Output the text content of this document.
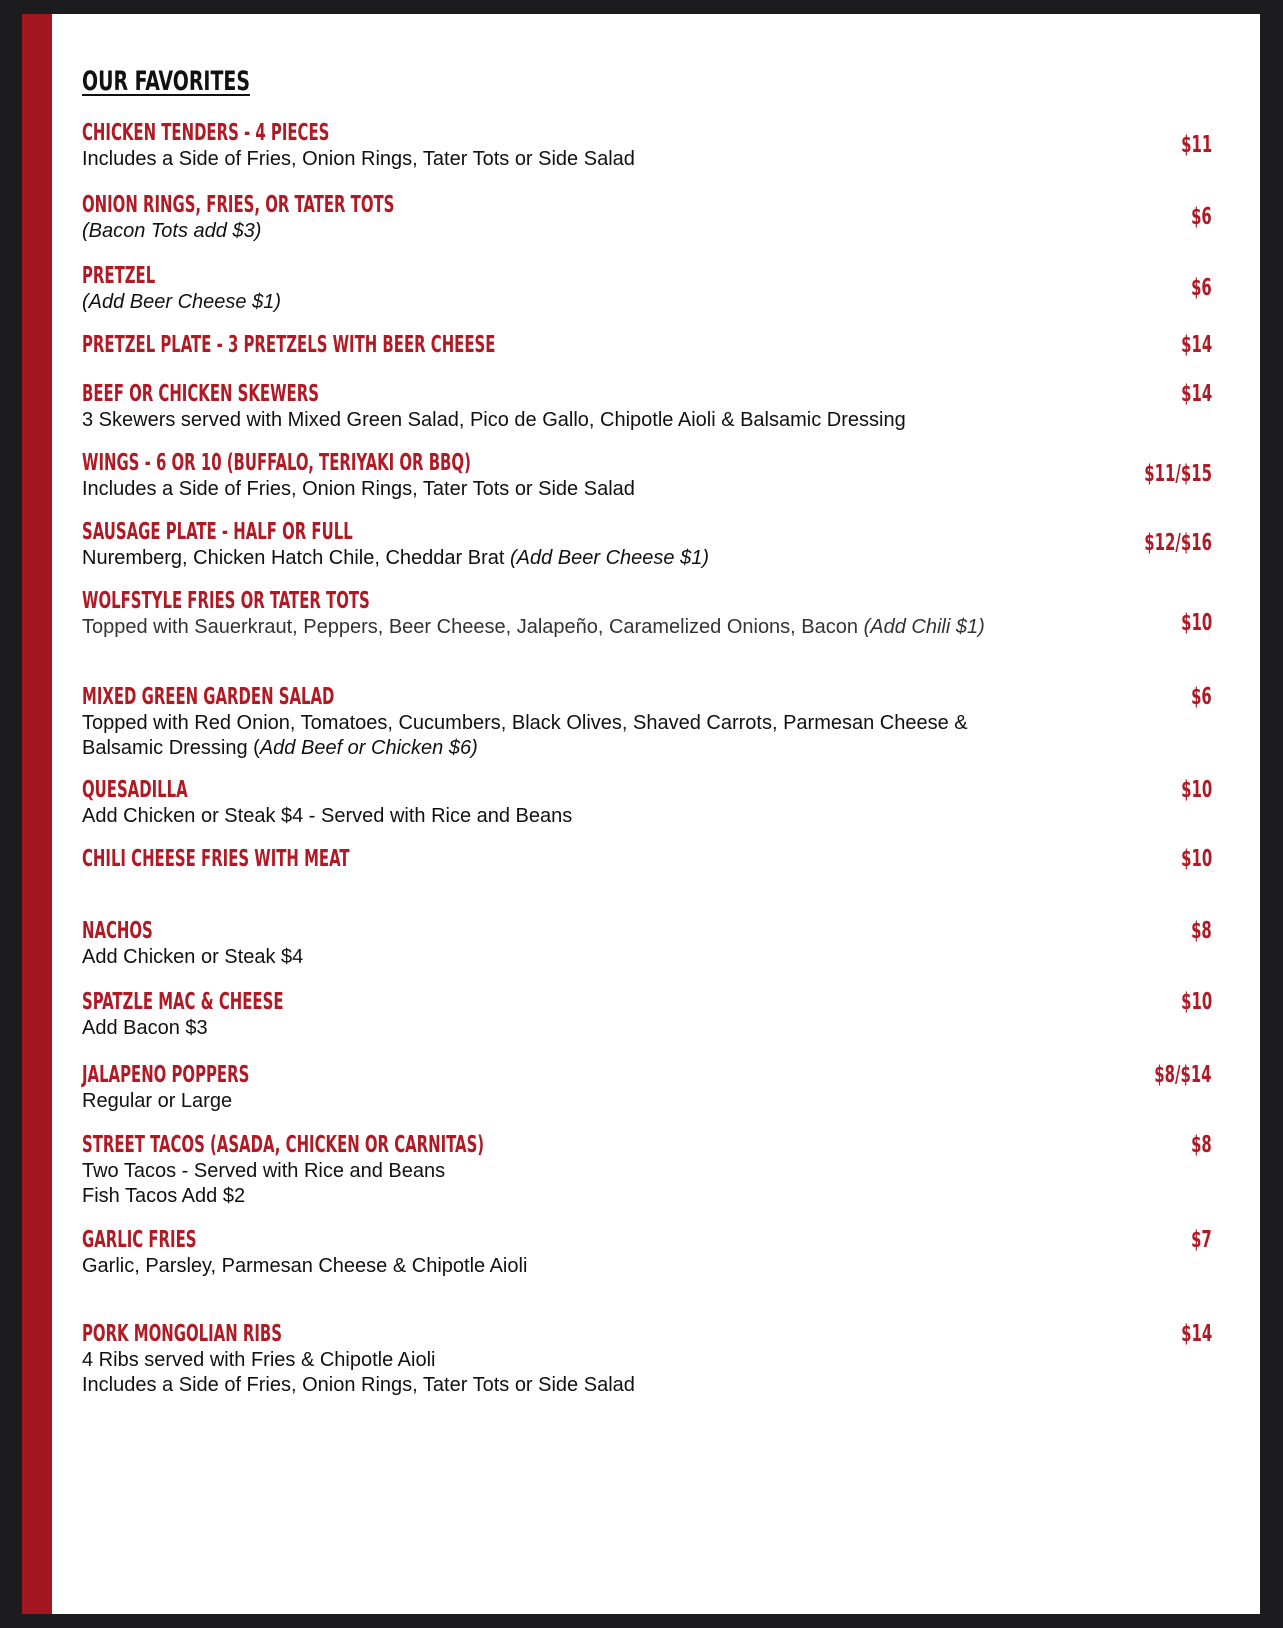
OUR FAVORITES
CHICKEN TENDERS - 4 PIECES
Includes a Side of Fries, Onion Rings, Tater Tots or Side Salad
$11
ONION RINGS, FRIES, OR TATER TOTS
(Bacon Tots add $3)
$6
PRETZEL
(Add Beer Cheese $1)
$6
PRETZEL PLATE - 3 PRETZELS WITH BEER CHEESE	$14
BEEF OR CHICKEN SKEWERS
3 Skewers served with Mixed Green Salad, Pico de Gallo, Chipotle Aioli & Balsamic Dressing
$14
WINGS - 6 OR 10 (BUFFALO, TERIYAKI OR BBQ)
Includes a Side of Fries, Onion Rings, Tater Tots or Side Salad
$11/$15
SAUSAGE PLATE - HALF OR FULL
Nuremberg, Chicken Hatch Chile, Cheddar Brat (Add Beer Cheese $1)
$12/$16
WOLFSTYLE FRIES OR TATER TOTS
Topped with Sauerkraut, Peppers, Beer Cheese, Jalapeño, Caramelized Onions, Bacon (Add Chili $1)	$10
MIXED GREEN GARDEN SALAD
Topped with Red Onion, Tomatoes, Cucumbers, Black Olives, Shaved Carrots, Parmesan Cheese & Balsamic Dressing (Add Beef or Chicken $6)
$6
QUESADILLA
Add Chicken or Steak $4 - Served with Rice and Beans
$10
CHILI CHEESE FRIES WITH MEAT	$10
NACHOS
Add Chicken or Steak $4
$8
SPATZLE MAC & CHEESE
Add Bacon $3
$10
JALAPENO POPPERS
Regular or Large
$8/$14
STREET TACOS (ASADA, CHICKEN OR CARNITAS)
Two Tacos - Served with Rice and Beans
Fish Tacos Add $2
$8
GARLIC FRIES
Garlic, Parsley, Parmesan Cheese & Chipotle Aioli
$7
PORK MONGOLIAN RIBS
4 Ribs served with Fries & Chipotle Aioli
Includes a Side of Fries, Onion Rings, Tater Tots or Side Salad
$14
